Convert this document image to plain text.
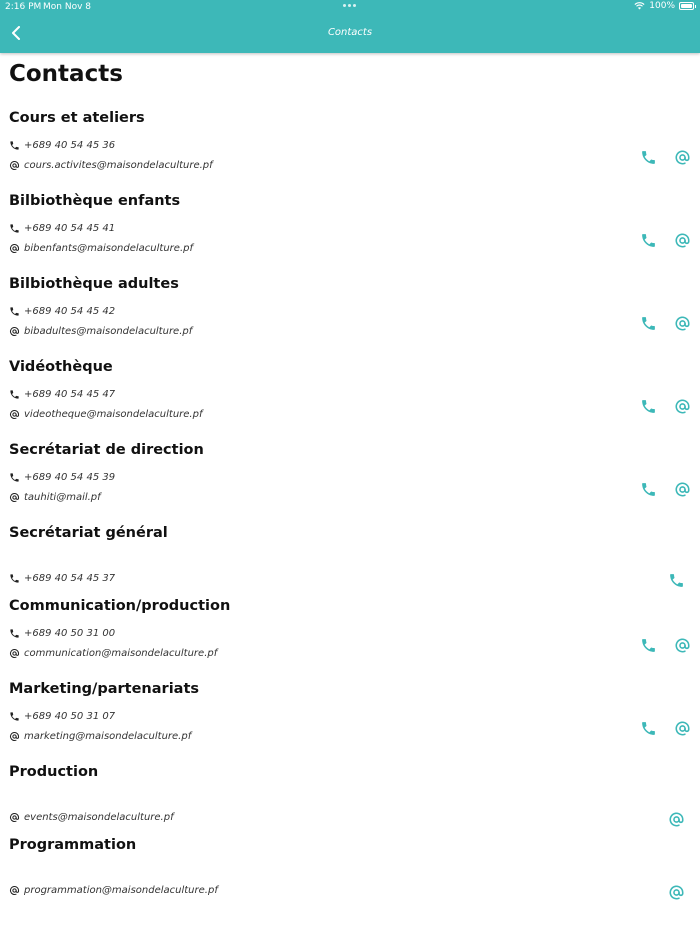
2:16 PM Mon Nov 8	100%
Contacts
Contacts
Cours et ateliers
+689 40 54 45 36
cours.activites@maisondelaculture.pf
Bilbiothèque enfants
+689 40 54 45 41
bibenfants@maisondelaculture.pf
Bilbiothèque adultes
+689 40 54 45 42
bibadultes@maisondelaculture.pf
Vidéothèque
+689 40 54 45 47
videotheque@maisondelaculture.pf
Secrétariat de direction
+689 40 54 45 39
tauhiti@mail.pf
Secrétariat général
+689 40 54 45 37
Communication/production
+689 40 50 31 00
communication@maisondelaculture.pf
Marketing/partenariats
+689 40 50 31 07
marketing@maisondelaculture.pf
Production
events@maisondelaculture.pf
Programmation
programmation@maisondelaculture.pf
